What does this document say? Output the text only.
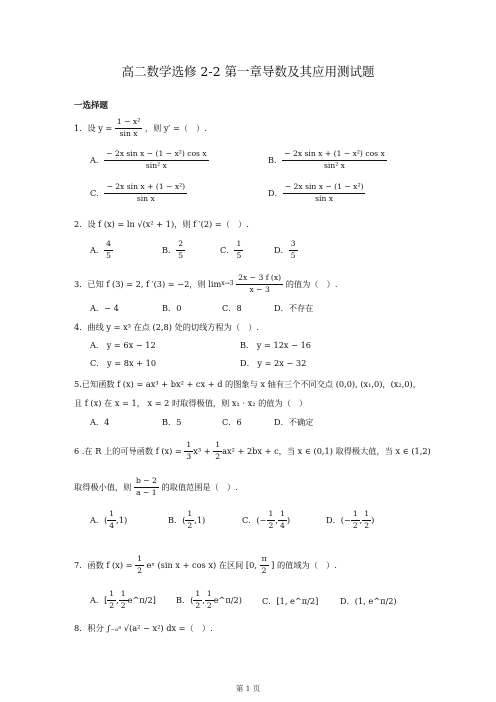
高二数学选修 2-2 第一章导数及其应用测试题
一选择题
1．设 $y = \frac{\text{1 − x²}}{\text{sin x}}$ ，则 y′ =（　）.
A． $\frac{\text{− 2x sin x − (1 − x²) cos x}}{\text{sin² x}}$	B． $\frac{\text{− 2x sin x + (1 − x²) cos x}}{\text{sin² x}}$
C． $\frac{\text{− 2x sin x + (1 − x²)}}{\text{sin x}}$	D． $\frac{\text{− 2x sin x − (1 − x²)}}{\text{sin x}}$
2．设 f (x) = ln √(x² + 1)，则 f ′(2) =（　）.
A． $\frac{4}{5}$	B． $\frac{2}{5}$	C． $\frac{1}{5}$	D． $\frac{3}{5}$
3．已知 f (3) = 2, f ′(3) = −2，则 $\lim x\to 3 \frac{2x - 3 f (x)}{x - 3}$ 的值为（　）.
A．− 4	B．0	C．8	D．不存在
4．曲线 y = x³ 在点 (2,8) 处的切线方程为（　）.
A． y = 6x − 12	B． y = 12x − 16
C． y = 8x + 10	D． y = 2x − 32
5.已知函数 f (x) = ax³ + bx² + cx + d 的图象与 x 轴有三个不同交点 (0,0), (x₁,0)，(x₂,0)，
且 f (x) 在 x = 1， x = 2 时取得极值，则 x₁ · x₂ 的值为（　）
A．4	B．5	C．6	D．不确定
6 .在 R 上的可导函数 f $(x) = \frac{1}{3} x^3 + \frac{1}{2} ax^2 + 2bx + c$，当 x ∈ (0,1) 取得极大值，当 x ∈ (1,2)
取得极小值，则 $\frac{b - 2}{a - 1}$ 的取值范围是（　）.
A．( $\frac{1}{4} ,1$)	B．( $\frac{1}{2} ,1$)	C．(− $\frac{1}{2}$ , $\frac{1}{4}$ )	D．(− $\frac{1}{2}$ , $\frac{1}{2}$ )
7．函数 f $(x) = \frac{1}{2}$ eˣ (sin x + cos x) 在区间 [0, $\frac{\pi}{2}$ ] 的值域为（　）.
A．[ $\frac{1}{2}$ , $\frac{1}{2}$ e^π/2] B．( $\frac{1}{2}$ , $\frac{1}{2}$ e^π/2) C．[1, e^π/2]	D．(1, e^π/2)
8．积分 ∫₋ₐᵃ √(a² − x²) dx =（　）.
第 1 页
